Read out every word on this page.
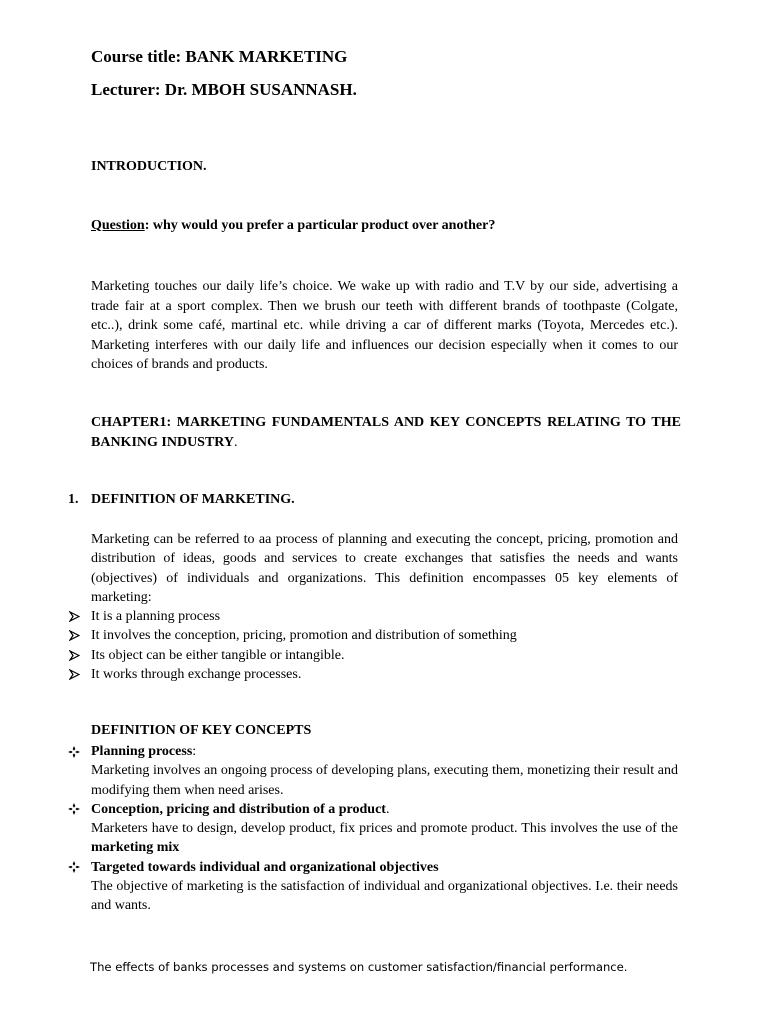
Course title: BANK MARKETING

Lecturer: Dr. MBOH SUSANNASH.

INTRODUCTION.

Question: why would you prefer a particular product over another?

Marketing touches our daily life’s choice. We wake up with radio and T.V by our side, advertising a trade fair at a sport complex. Then we brush our teeth with different brands of toothpaste (Colgate, etc..), drink some café, martinal etc. while driving a car of different marks (Toyota, Mercedes etc.). Marketing interferes with our daily life and influences our decision especially when it comes to our choices of brands and products.

CHAPTER1: MARKETING FUNDAMENTALS AND KEY CONCEPTS RELATING TO THE BANKING INDUSTRY.

1. DEFINITION OF MARKETING.

Marketing can be referred to aa process of planning and executing the concept, pricing, promotion and distribution of ideas, goods and services to create exchanges that satisfies the needs and wants (objectives) of individuals and organizations. This definition encompasses 05 key elements of marketing:

It is a planning process
It involves the conception, pricing, promotion and distribution of something
Its object can be either tangible or intangible.
It works through exchange processes.

DEFINITION OF KEY CONCEPTS

Planning process:
Marketing involves an ongoing process of developing plans, executing them, monetizing their result and modifying them when need arises.
Conception, pricing and distribution of a product.
Marketers have to design, develop product, fix prices and promote product. This involves the use of the marketing mix
Targeted towards individual and organizational objectives
The objective of marketing is the satisfaction of individual and organizational objectives. I.e. their needs and wants.

The effects of banks processes and systems on customer satisfaction/financial performance.
